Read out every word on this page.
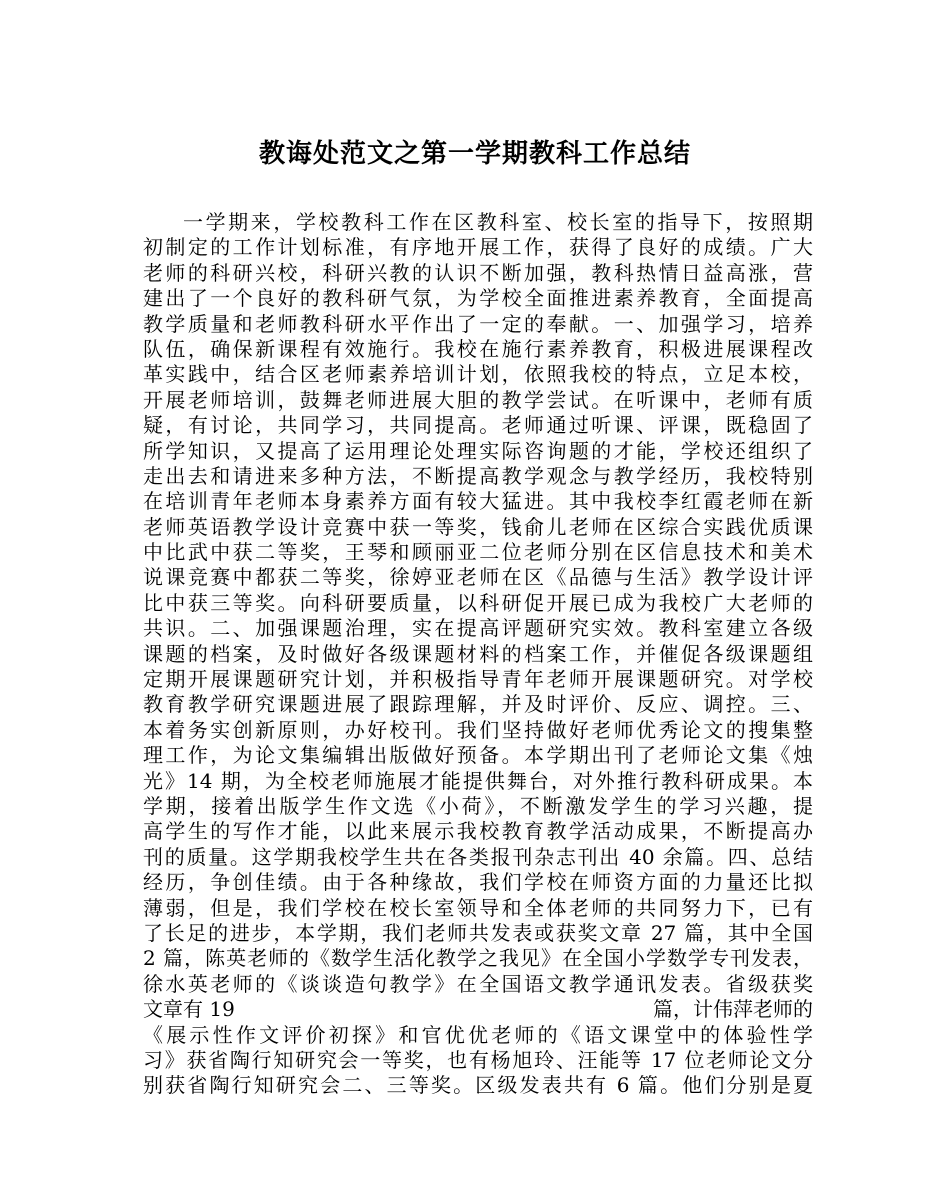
教诲处范文之第一学期教科工作总结
一学期来，学校教科工作在区教科室、校长室的指导下，按照期
初制定的工作计划标准，有序地开展工作，获得了良好的成绩。广大
老师的科研兴校，科研兴教的认识不断加强，教科热情日益高涨，营
建出了一个良好的教科研气氛，为学校全面推进素养教育，全面提高
教学质量和老师教科研水平作出了一定的奉献。一、加强学习，培养
队伍，确保新课程有效施行。我校在施行素养教育，积极进展课程改
革实践中，结合区老师素养培训计划，依照我校的特点，立足本校，
开展老师培训，鼓舞老师进展大胆的教学尝试。在听课中，老师有质
疑，有讨论，共同学习，共同提高。老师通过听课、评课，既稳固了
所学知识，又提高了运用理论处理实际咨询题的才能，学校还组织了
走出去和请进来多种方法，不断提高教学观念与教学经历，我校特别
在培训青年老师本身素养方面有较大猛进。其中我校李红霞老师在新
老师英语教学设计竞赛中获一等奖，钱俞儿老师在区综合实践优质课
中比武中获二等奖，王琴和顾丽亚二位老师分别在区信息技术和美术
说课竞赛中都获二等奖，徐婷亚老师在区《品德与生活》教学设计评
比中获三等奖。向科研要质量，以科研促开展已成为我校广大老师的
共识。二、加强课题治理，实在提高评题研究实效。教科室建立各级
课题的档案，及时做好各级课题材料的档案工作，并催促各级课题组
定期开展课题研究计划，并积极指导青年老师开展课题研究。对学校
教育教学研究课题进展了跟踪理解，并及时评价、反应、调控。三、
本着务实创新原则，办好校刊。我们坚持做好老师优秀论文的搜集整
理工作，为论文集编辑出版做好预备。本学期出刊了老师论文集《烛
光》14 期，为全校老师施展才能提供舞台，对外推行教科研成果。本
学期，接着出版学生作文选《小荷》，不断激发学生的学习兴趣，提
高学生的写作才能，以此来展示我校教育教学活动成果，不断提高办
刊的质量。这学期我校学生共在各类报刊杂志刊出 40 余篇。四、总结
经历，争创佳绩。由于各种缘故，我们学校在师资方面的力量还比拟
薄弱，但是，我们学校在校长室领导和全体老师的共同努力下，已有
了长足的进步，本学期，我们老师共发表或获奖文章 27 篇，其中全国
2 篇，陈英老师的《数学生活化教学之我见》在全国小学数学专刊发表，
徐水英老师的《谈谈造句教学》在全国语文教学通讯发表。省级获奖
文章有 19	篇，计伟萍老师的
《展示性作文评价初探》和官优优老师的《语文课堂中的体验性学
习》获省陶行知研究会一等奖，也有杨旭玲、汪能等 17 位老师论文分
别获省陶行知研究会二、三等奖。区级发表共有 6 篇。他们分别是夏
